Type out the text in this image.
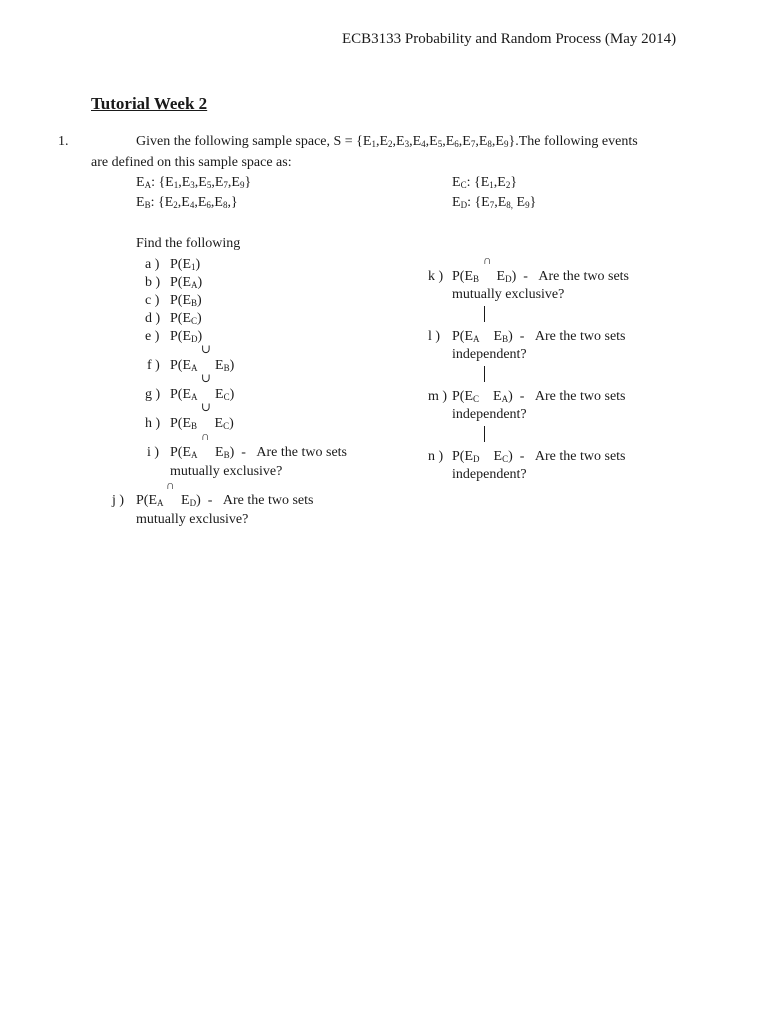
ECB3133 Probability and Random Process (May 2014)
Tutorial Week 2
1.	Given the following sample space, $S = \{E_1,E_2,E_3,E_4,E_5,E_6,E_7,E_8,E_9\}.The$ following events
are defined on this sample space as:
$E_A$: $\{E_1,E_3,E_5,E_7,E_9\}$
$E_B$: $\{E_2,E_4,E_6,E_8,\}$
$E_C$: $\{E_1,E_2\}$
$E_D$: {$E_7,E_{8,}$ $E_9$}
Find the following
a ) $P(E_1)$
b ) $P(E_A)$
c ) $P(E_B)$
d ) $P(E_C)$
e ) $P(E_D)$
∪
f ) $P(E_A$     $E_B$)
∪
g ) $P(E_A$     $E_C$)
∪
h ) $P(E_B$     $E_C$)
∩
i ) $P(E_A$     $E_B$)  -   Are the two sets
mutually exclusive?
∩
j ) $P(E_A$     $E_D$)  -   Are the two sets
mutually exclusive?
∩
k ) $P(E_B$     $E_D$)  -   Are the two sets
mutually exclusive?
l ) $P(E_A$    $E_B$)  -   Are the two sets
independent?
m ) $P(E_C$    $E_A$)  -   Are the two sets
independent?
n ) $P(E_D$    $E_C$)  -   Are the two sets
independent?
